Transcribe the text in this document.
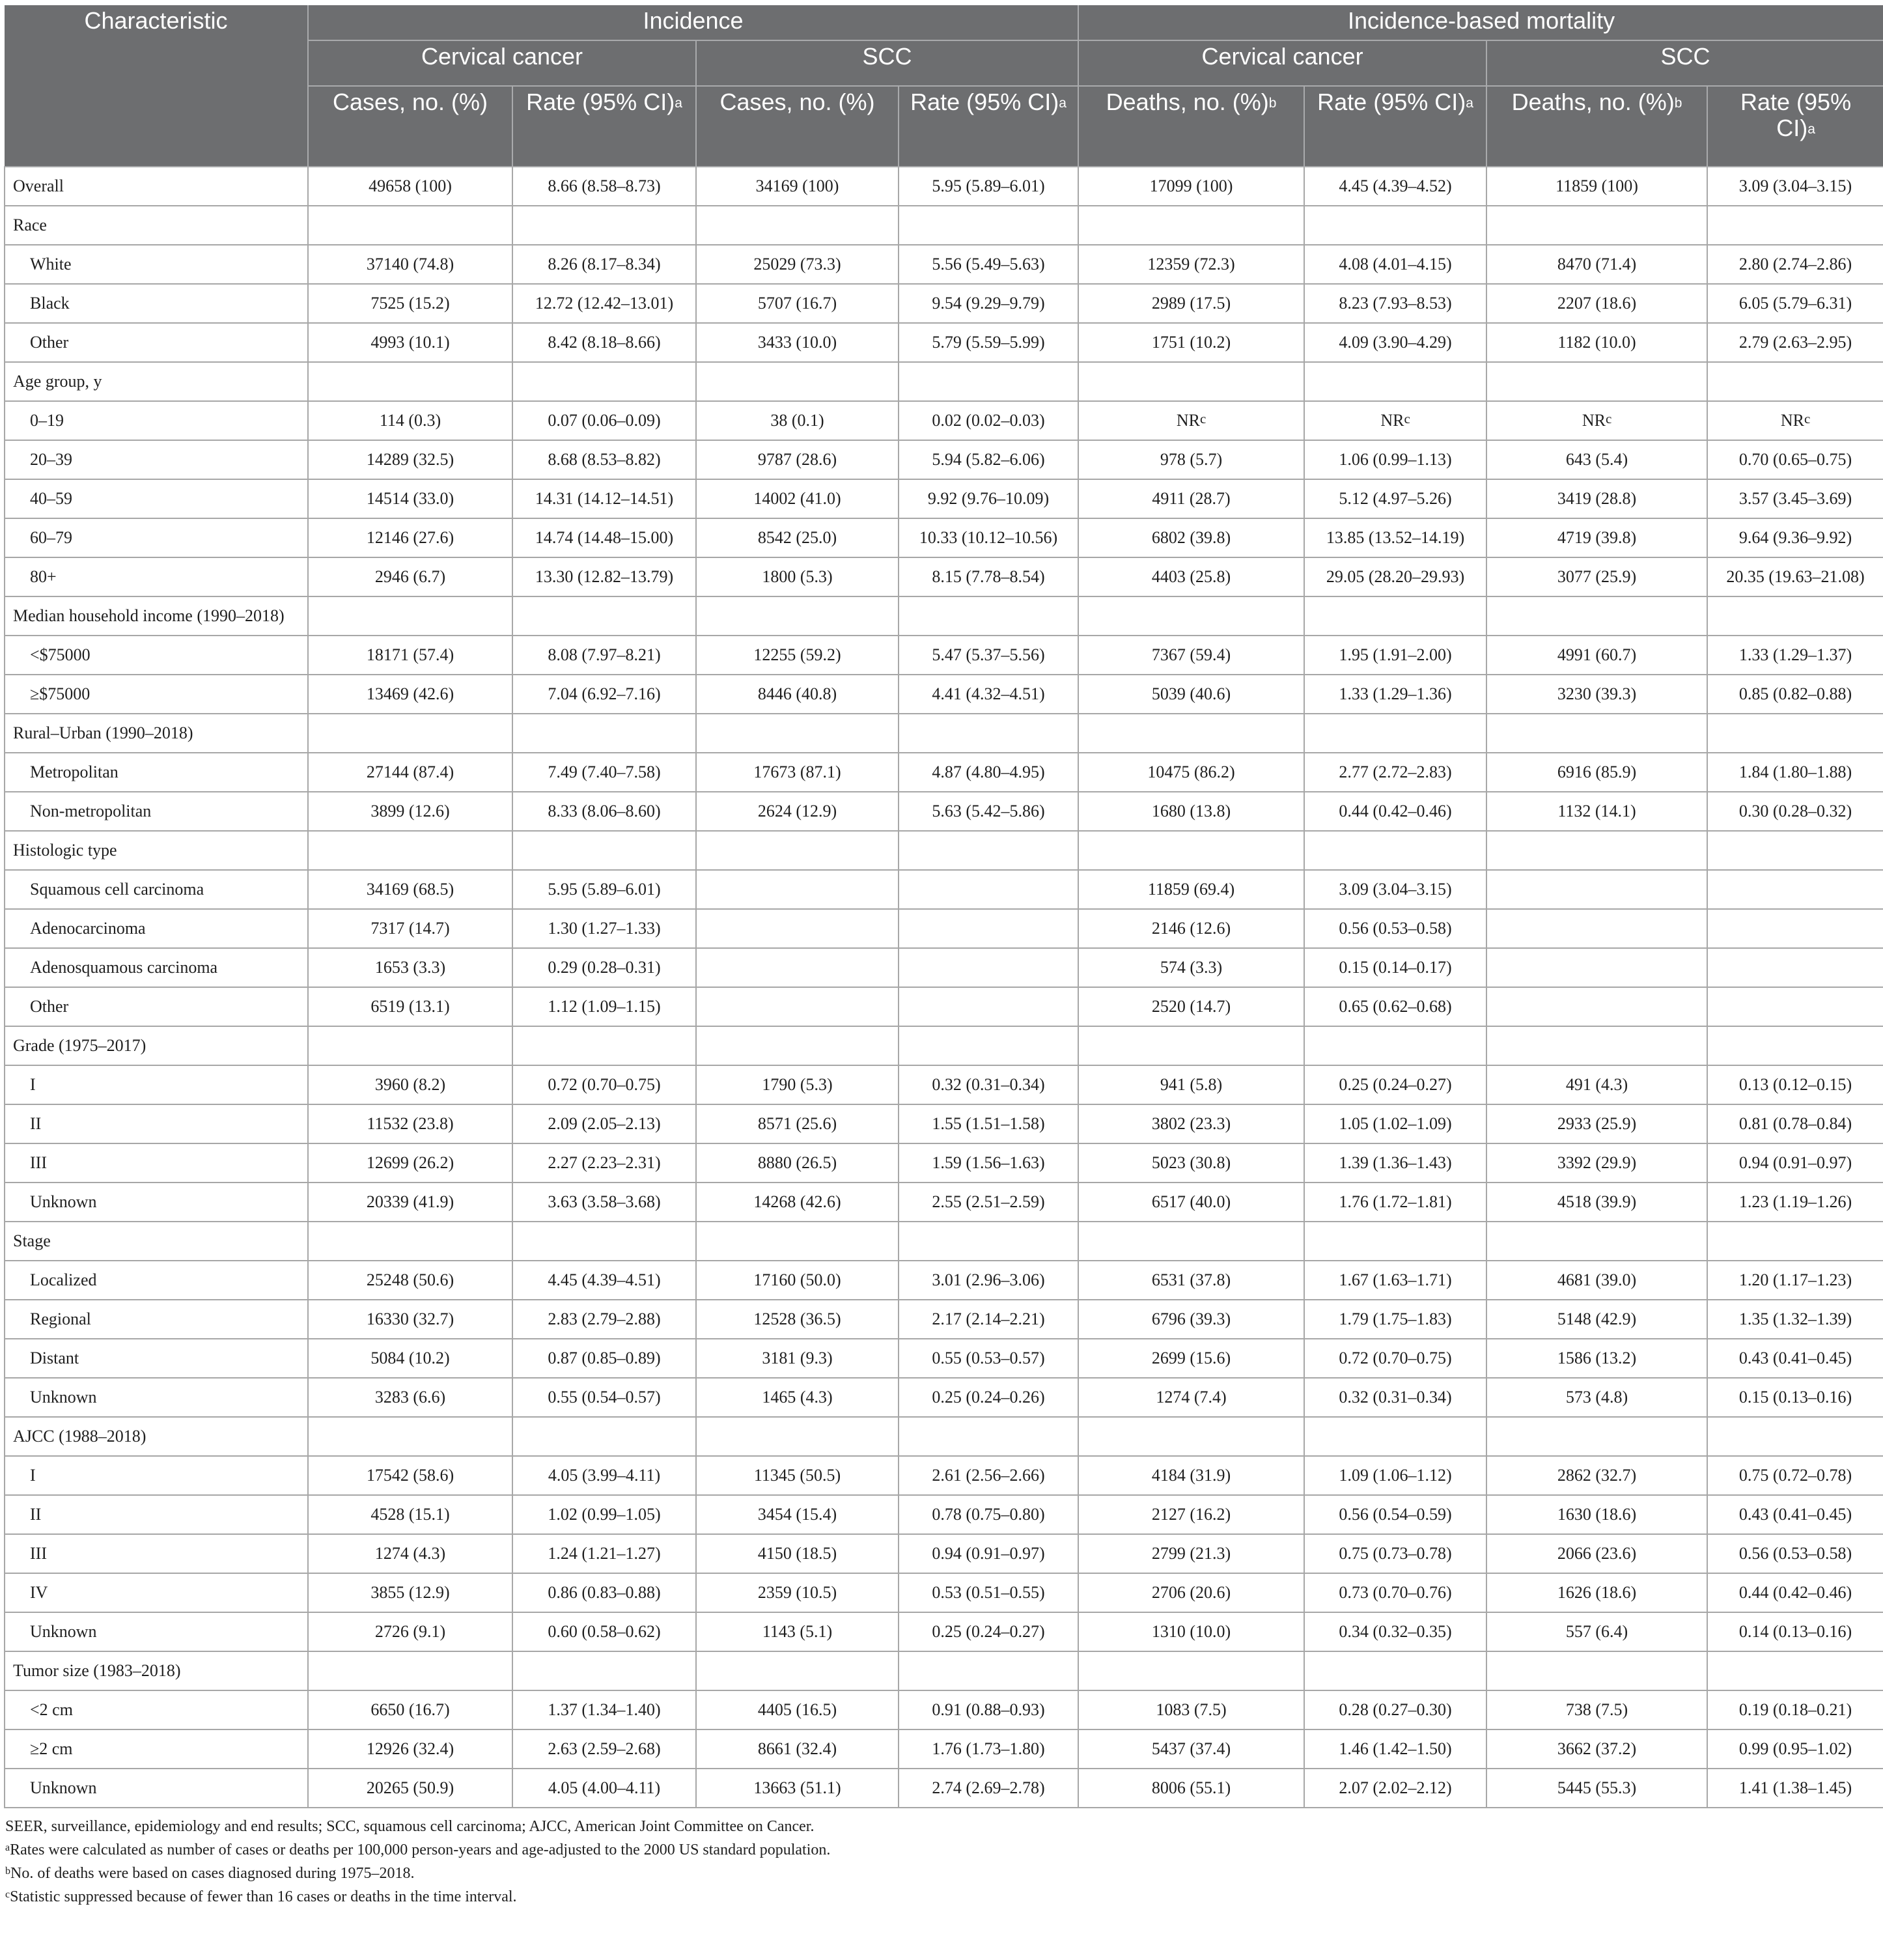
Characteristic	Incidence				Incidence-based mortality			
	Cervical cancer		SCC		Cervical cancer		SCC	
	Cases, no. (%)	Rate (95% CI)$^a$	Cases, no. (%)	Rate (95% CI)$^a$	Deaths, no. (%)$^b$	Rate (95% CI)$^a$	Deaths, no. (%)$^b$	Rate (95% CI)$^a$
Overall	49658 (100)	8.66 (8.58–8.73)	34169 (100)	5.95 (5.89–6.01)	17099 (100)	4.45 (4.39–4.52)	11859 (100)	3.09 (3.04–3.15)
Race								
White	37140 (74.8)	8.26 (8.17–8.34)	25029 (73.3)	5.56 (5.49–5.63)	12359 (72.3)	4.08 (4.01–4.15)	8470 (71.4)	2.80 (2.74–2.86)
Black	7525 (15.2)	12.72 (12.42–13.01)	5707 (16.7)	9.54 (9.29–9.79)	2989 (17.5)	8.23 (7.93–8.53)	2207 (18.6)	6.05 (5.79–6.31)
Other	4993 (10.1)	8.42 (8.18–8.66)	3433 (10.0)	5.79 (5.59–5.99)	1751 (10.2)	4.09 (3.90–4.29)	1182 (10.0)	2.79 (2.63–2.95)
Age group, y								
0–19	114 (0.3)	0.07 (0.06–0.09)	38 (0.1)	0.02 (0.02–0.03)	$NR^c$	$NR^c$	$NR^c$	$NR^c$
20–39	14289 (32.5)	8.68 (8.53–8.82)	9787 (28.6)	5.94 (5.82–6.06)	978 (5.7)	1.06 (0.99–1.13)	643 (5.4)	0.70 (0.65–0.75)
40–59	14514 (33.0)	14.31 (14.12–14.51)	14002 (41.0)	9.92 (9.76–10.09)	4911 (28.7)	5.12 (4.97–5.26)	3419 (28.8)	3.57 (3.45–3.69)
60–79	12146 (27.6)	14.74 (14.48–15.00)	8542 (25.0)	10.33 (10.12–10.56)	6802 (39.8)	13.85 (13.52–14.19)	4719 (39.8)	9.64 (9.36–9.92)
80+	2946 (6.7)	13.30 (12.82–13.79)	1800 (5.3)	8.15 (7.78–8.54)	4403 (25.8)	29.05 (28.20–29.93)	3077 (25.9)	20.35 (19.63–21.08)
Median household income (1990–2018)								
<$75000	18171 (57.4)	8.08 (7.97–8.21)	12255 (59.2)	5.47 (5.37–5.56)	7367 (59.4)	1.95 (1.91–2.00)	4991 (60.7)	1.33 (1.29–1.37)
≥$75000	13469 (42.6)	7.04 (6.92–7.16)	8446 (40.8)	4.41 (4.32–4.51)	5039 (40.6)	1.33 (1.29–1.36)	3230 (39.3)	0.85 (0.82–0.88)
Rural–Urban (1990–2018)								
Metropolitan	27144 (87.4)	7.49 (7.40–7.58)	17673 (87.1)	4.87 (4.80–4.95)	10475 (86.2)	2.77 (2.72–2.83)	6916 (85.9)	1.84 (1.80–1.88)
Non-metropolitan	3899 (12.6)	8.33 (8.06–8.60)	2624 (12.9)	5.63 (5.42–5.86)	1680 (13.8)	0.44 (0.42–0.46)	1132 (14.1)	0.30 (0.28–0.32)
Histologic type								
Squamous cell carcinoma	34169 (68.5)	5.95 (5.89–6.01)			11859 (69.4)	3.09 (3.04–3.15)		
Adenocarcinoma	7317 (14.7)	1.30 (1.27–1.33)			2146 (12.6)	0.56 (0.53–0.58)		
Adenosquamous carcinoma	1653 (3.3)	0.29 (0.28–0.31)			574 (3.3)	0.15 (0.14–0.17)		
Other	6519 (13.1)	1.12 (1.09–1.15)			2520 (14.7)	0.65 (0.62–0.68)		
Grade (1975–2017)								
I	3960 (8.2)	0.72 (0.70–0.75)	1790 (5.3)	0.32 (0.31–0.34)	941 (5.8)	0.25 (0.24–0.27)	491 (4.3)	0.13 (0.12–0.15)
II	11532 (23.8)	2.09 (2.05–2.13)	8571 (25.6)	1.55 (1.51–1.58)	3802 (23.3)	1.05 (1.02–1.09)	2933 (25.9)	0.81 (0.78–0.84)
III	12699 (26.2)	2.27 (2.23–2.31)	8880 (26.5)	1.59 (1.56–1.63)	5023 (30.8)	1.39 (1.36–1.43)	3392 (29.9)	0.94 (0.91–0.97)
Unknown	20339 (41.9)	3.63 (3.58–3.68)	14268 (42.6)	2.55 (2.51–2.59)	6517 (40.0)	1.76 (1.72–1.81)	4518 (39.9)	1.23 (1.19–1.26)
Stage								
Localized	25248 (50.6)	4.45 (4.39–4.51)	17160 (50.0)	3.01 (2.96–3.06)	6531 (37.8)	1.67 (1.63–1.71)	4681 (39.0)	1.20 (1.17–1.23)
Regional	16330 (32.7)	2.83 (2.79–2.88)	12528 (36.5)	2.17 (2.14–2.21)	6796 (39.3)	1.79 (1.75–1.83)	5148 (42.9)	1.35 (1.32–1.39)
Distant	5084 (10.2)	0.87 (0.85–0.89)	3181 (9.3)	0.55 (0.53–0.57)	2699 (15.6)	0.72 (0.70–0.75)	1586 (13.2)	0.43 (0.41–0.45)
Unknown	3283 (6.6)	0.55 (0.54–0.57)	1465 (4.3)	0.25 (0.24–0.26)	1274 (7.4)	0.32 (0.31–0.34)	573 (4.8)	0.15 (0.13–0.16)
AJCC (1988–2018)								
I	17542 (58.6)	4.05 (3.99–4.11)	11345 (50.5)	2.61 (2.56–2.66)	4184 (31.9)	1.09 (1.06–1.12)	2862 (32.7)	0.75 (0.72–0.78)
II	4528 (15.1)	1.02 (0.99–1.05)	3454 (15.4)	0.78 (0.75–0.80)	2127 (16.2)	0.56 (0.54–0.59)	1630 (18.6)	0.43 (0.41–0.45)
III	1274 (4.3)	1.24 (1.21–1.27)	4150 (18.5)	0.94 (0.91–0.97)	2799 (21.3)	0.75 (0.73–0.78)	2066 (23.6)	0.56 (0.53–0.58)
IV	3855 (12.9)	0.86 (0.83–0.88)	2359 (10.5)	0.53 (0.51–0.55)	2706 (20.6)	0.73 (0.70–0.76)	1626 (18.6)	0.44 (0.42–0.46)
Unknown	2726 (9.1)	0.60 (0.58–0.62)	1143 (5.1)	0.25 (0.24–0.27)	1310 (10.0)	0.34 (0.32–0.35)	557 (6.4)	0.14 (0.13–0.16)
Tumor size (1983–2018)								
<2 cm	6650 (16.7)	1.37 (1.34–1.40)	4405 (16.5)	0.91 (0.88–0.93)	1083 (7.5)	0.28 (0.27–0.30)	738 (7.5)	0.19 (0.18–0.21)
≥2 cm	12926 (32.4)	2.63 (2.59–2.68)	8661 (32.4)	1.76 (1.73–1.80)	5437 (37.4)	1.46 (1.42–1.50)	3662 (37.2)	0.99 (0.95–1.02)
Unknown	20265 (50.9)	4.05 (4.00–4.11)	13663 (51.1)	2.74 (2.69–2.78)	8006 (55.1)	2.07 (2.02–2.12)	5445 (55.3)	1.41 (1.38–1.45)
SEER, surveillance, epidemiology and end results; SCC, squamous cell carcinoma; AJCC, American Joint Committee on Cancer.
$^a$Rates were calculated as number of cases or deaths per 100,000 person-years and age-adjusted to the 2000 US standard population.
$^b$No. of deaths were based on cases diagnosed during 1975–2018.
$^c$Statistic suppressed because of fewer than 16 cases or deaths in the time interval.
